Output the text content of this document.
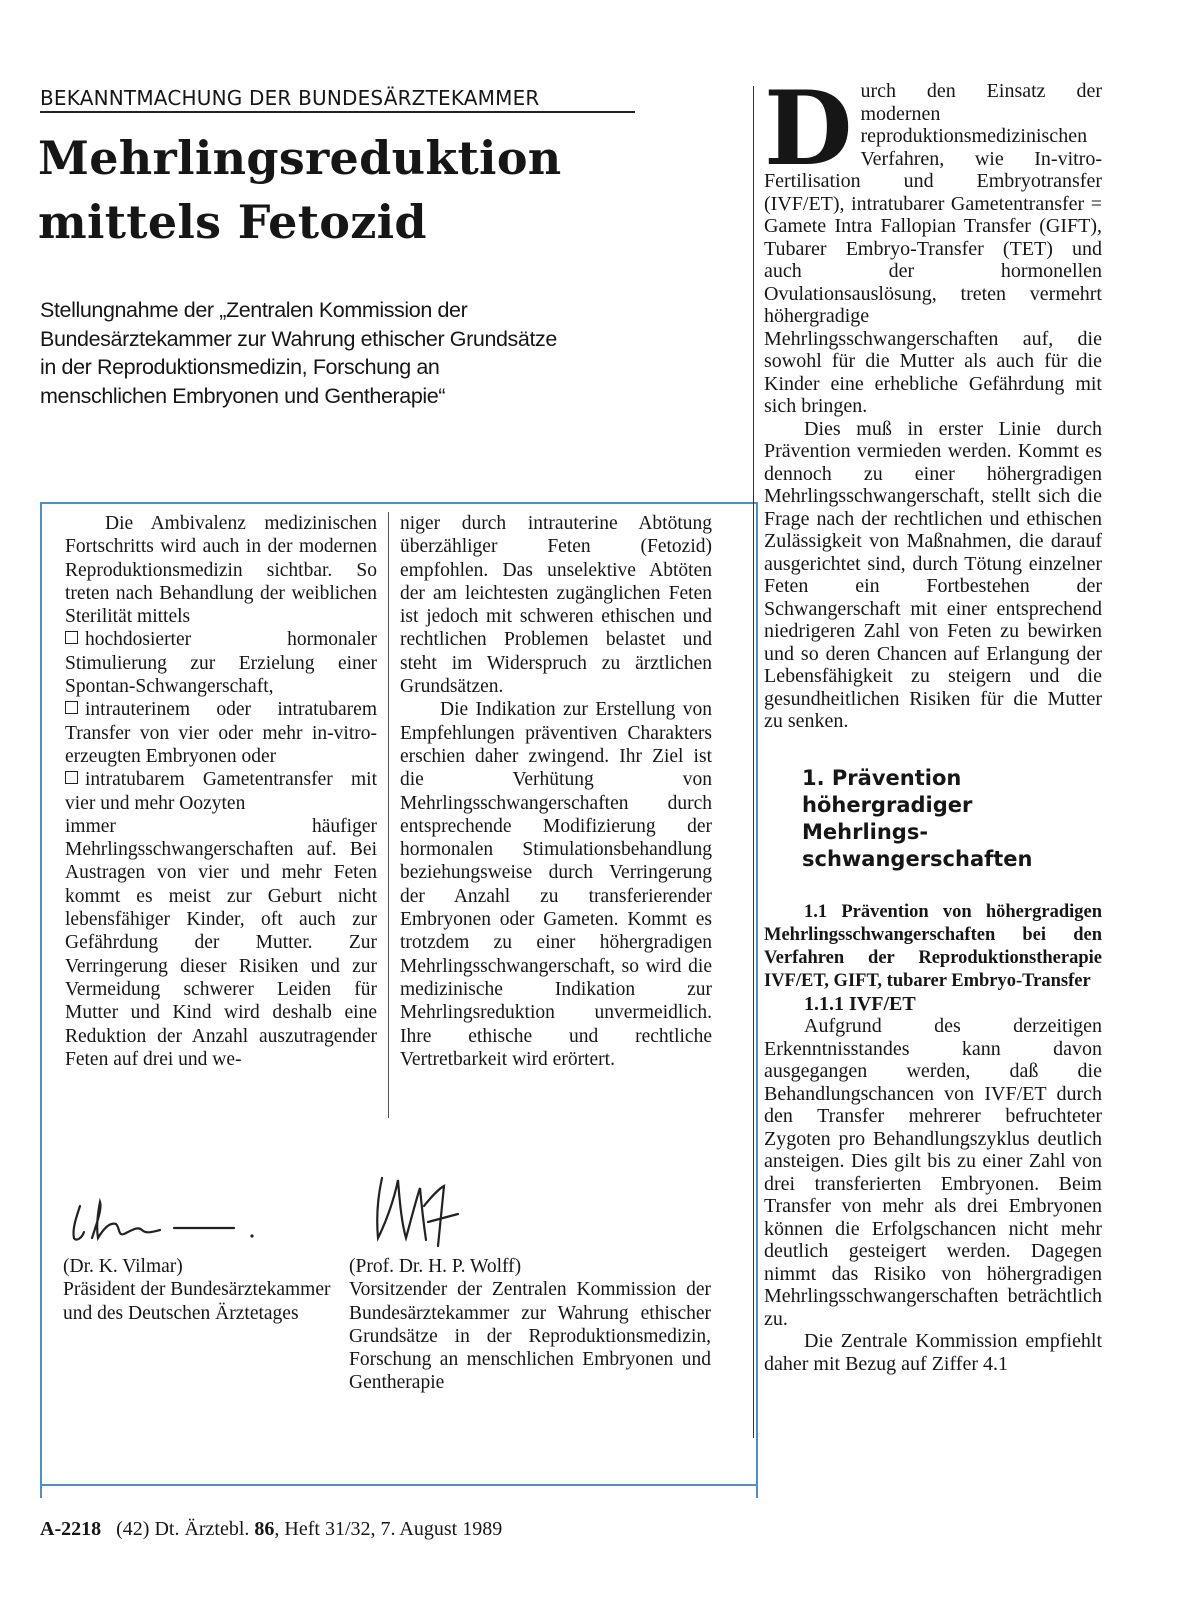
BEKANNTMACHUNG DER BUNDESÄRZTEKAMMER
Mehrlingsreduktion
mittels Fetozid
Stellungnahme der „Zentralen Kommission der
Bundesärztekammer zur Wahrung ethischer Grundsätze
in der Reproduktionsmedizin, Forschung an
menschlichen Embryonen und Gentherapie“

Die Ambivalenz medizinischen Fortschritts wird auch in der modernen Reproduktionsmedizin sichtbar. So treten nach Behandlung der weiblichen Sterilität mittels

hochdosierter hormonaler Stimulierung zur Erzielung einer Spontan-Schwangerschaft,

intrauterinem oder intratubarem Transfer von vier oder mehr in-vitro-erzeugten Embryonen oder

intratubarem Gametentransfer mit vier und mehr Oozyten

immer häufiger Mehrlingsschwangerschaften auf. Bei Austragen von vier und mehr Feten kommt es meist zur Geburt nicht lebensfähiger Kinder, oft auch zur Gefährdung der Mutter. Zur Verringerung dieser Risiken und zur Vermeidung schwerer Leiden für Mutter und Kind wird deshalb eine Reduktion der Anzahl auszutragender Feten auf drei und we-

niger durch intrauterine Abtötung überzähliger Feten (Fetozid) empfohlen. Das unselektive Abtöten der am leichtesten zugänglichen Feten ist jedoch mit schweren ethischen und rechtlichen Problemen belastet und steht im Widerspruch zu ärztlichen Grundsätzen.

Die Indikation zur Erstellung von Empfehlungen präventiven Charakters erschien daher zwingend. Ihr Ziel ist die Verhütung von Mehrlingsschwangerschaften durch entsprechende Modifizierung der hormonalen Stimulationsbehandlung beziehungsweise durch Verringerung der Anzahl zu transferierender Embryonen oder Gameten. Kommt es trotzdem zu einer höhergradigen Mehrlingsschwangerschaft, so wird die medizinische Indikation zur Mehrlingsreduktion unvermeidlich. Ihre ethische und rechtliche Vertretbarkeit wird erörtert.

(Dr. K. Vilmar)

Präsident der Bundesärztekammer und des Deutschen Ärztetages

(Prof. Dr. H. P. Wolff)

Vorsitzender der Zentralen Kommission der Bundesärztekammer zur Wahrung ethischer Grundsätze in der Reproduktionsmedizin, Forschung an menschlichen Embryonen und Gentherapie

Durch den Einsatz der modernen reproduktionsmedizinischen Verfahren, wie In-vitro-Fertilisation und Embryotransfer (IVF/ET), intratubarer Gametentransfer = Gamete Intra Fallopian Transfer (GIFT), Tubarer Embryo-Transfer (TET) und auch der hormonellen Ovulationsauslösung, treten vermehrt höhergradige Mehrlingsschwangerschaften auf, die sowohl für die Mutter als auch für die Kinder eine erhebliche Gefährdung mit sich bringen.

Dies muß in erster Linie durch Prävention vermieden werden. Kommt es dennoch zu einer höhergradigen Mehrlingsschwangerschaft, stellt sich die Frage nach der rechtlichen und ethischen Zulässigkeit von Maßnahmen, die darauf ausgerichtet sind, durch Tötung einzelner Feten ein Fortbestehen der Schwangerschaft mit einer entsprechend niedrigeren Zahl von Feten zu bewirken und so deren Chancen auf Erlangung der Lebensfähigkeit zu steigern und die gesundheitlichen Risiken für die Mutter zu senken.

1. Prävention
höhergradiger
Mehrlings-
schwangerschaften

1.1 Prävention von höhergradigen Mehrlingsschwangerschaften bei den Verfahren der Reproduktionstherapie IVF/ET, GIFT, tubarer Embryo-Transfer

1.1.1 IVF/ET

Aufgrund des derzeitigen Erkenntnisstandes kann davon ausgegangen werden, daß die Behandlungschancen von IVF/ET durch den Transfer mehrerer befruchteter Zygoten pro Behandlungszyklus deutlich ansteigen. Dies gilt bis zu einer Zahl von drei transferierten Embryonen. Beim Transfer von mehr als drei Embryonen können die Erfolgschancen nicht mehr deutlich gesteigert werden. Dagegen nimmt das Risiko von höhergradigen Mehrlingsschwangerschaften beträchtlich zu.

Die Zentrale Kommission empfiehlt daher mit Bezug auf Ziffer 4.1

A-2218 (42) Dt. Ärztebl. 86, Heft 31/32, 7. August 1989
